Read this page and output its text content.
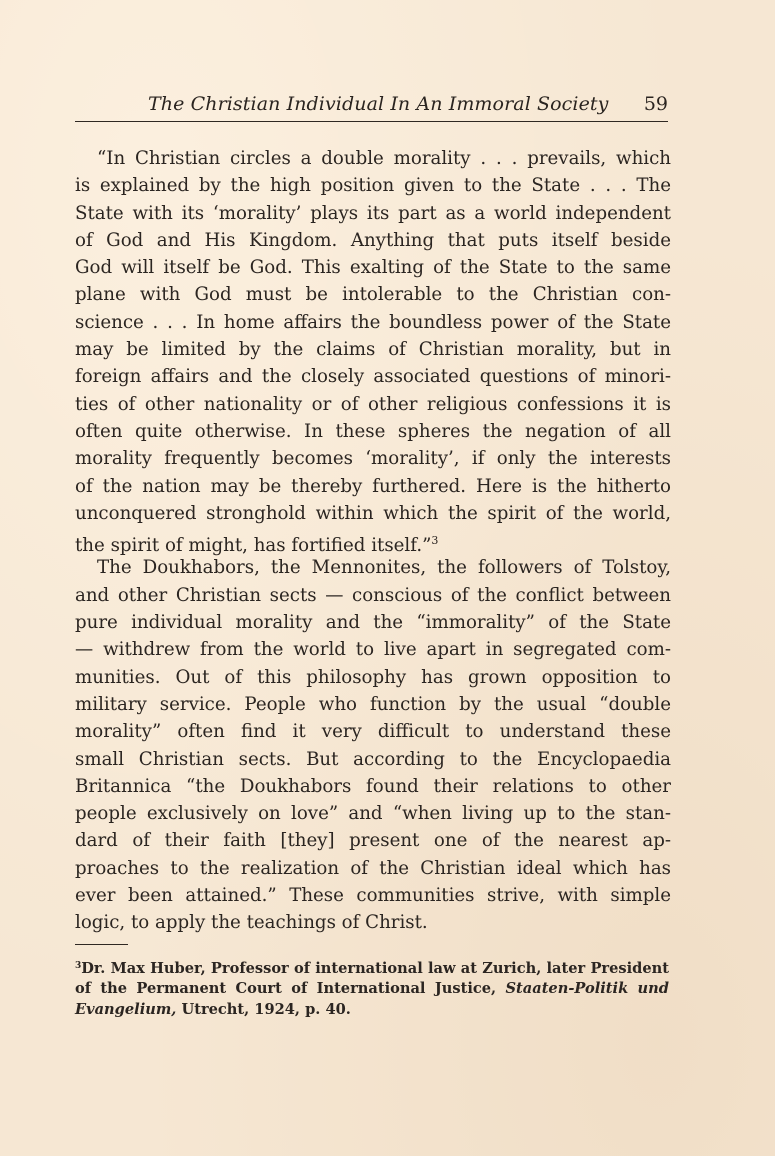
The Christian Individual In An Immoral Society 59
“In Christian circles a double morality . . . prevails, which
is explained by the high position given to the State . . . The
State with its ‘morality’ plays its part as a world independent
of God and His Kingdom. Anything that puts itself beside
God will itself be God. This exalting of the State to the same
plane with God must be intolerable to the Christian con-
science . . . In home affairs the boundless power of the State
may be limited by the claims of Christian morality, but in
foreign affairs and the closely associated questions of minori-
ties of other nationality or of other religious confessions it is
often quite otherwise. In these spheres the negation of all
morality frequently becomes ‘morality’, if only the interests
of the nation may be thereby furthered. Here is the hitherto
unconquered stronghold within which the spirit of the world,
the spirit of might, has fortified itself.”$^3$
The Doukhabors, the Mennonites, the followers of Tolstoy,
and other Christian sects — conscious of the conflict between
pure individual morality and the “immorality” of the State
— withdrew from the world to live apart in segregated com-
munities. Out of this philosophy has grown opposition to
military service. People who function by the usual “double
morality” often find it very difficult to understand these
small Christian sects. But according to the Encyclopaedia
Britannica “the Doukhabors found their relations to other
people exclusively on love” and “when living up to the stan-
dard of their faith [they] present one of the nearest ap-
proaches to the realization of the Christian ideal which has
ever been attained.” These communities strive, with simple
logic, to apply the teachings of Christ.
$^3$Dr. Max Huber, Professor of international law at Zurich, later President
of the Permanent Court of International Justice, Staaten-Politik und
Evangelium, Utrecht, 1924, p. 40.
